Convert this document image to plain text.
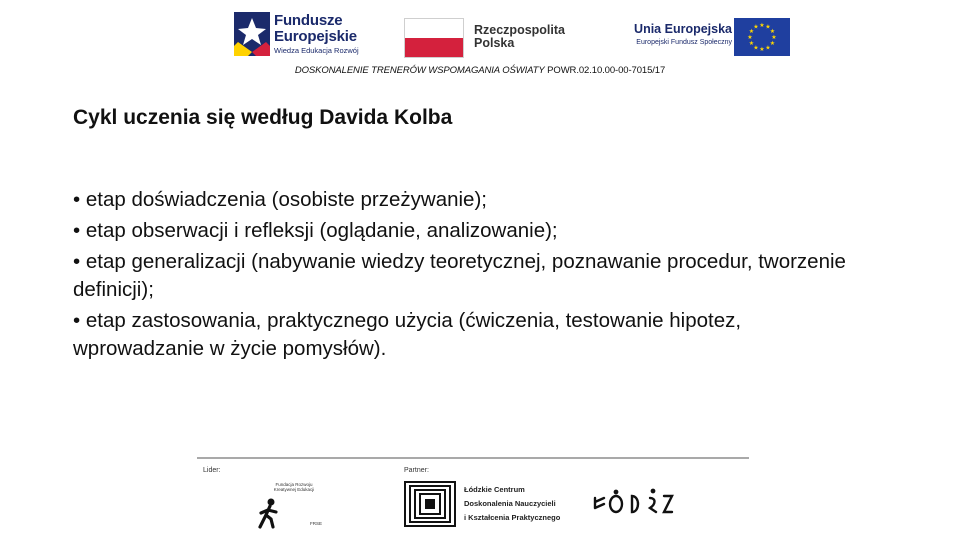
Fundusze
Europejskie
Wiedza Edukacja Rozwój
Rzeczpospolita
Polska
Unia Europejska
Europejski Fundusz Społeczny
★ ★
★
★
★
★
★
★
★
★
★
★
DOSKONALENIE TRENERÓW WSPOMAGANIA OŚWIATY POWR.02.10.00-00-7015/17
Cykl uczenia się według Davida Kolba
• etap doświadczenia (osobiste przeżywanie);
• etap obserwacji i refleksji (oglądanie, analizowanie);
• etap generalizacji (nabywanie wiedzy teoretycznej, poznawanie procedur, tworzenie definicji);
• etap zastosowania, praktycznego użycia (ćwiczenia, testowanie hipotez, wprowadzanie w życie pomysłów).
Lider:	Partner:
Fundacja Rozwoju Kreatywnej Edukacji
FRSE
Łódzkie Centrum
Doskonalenia Nauczycieli
i Kształcenia Praktycznego
